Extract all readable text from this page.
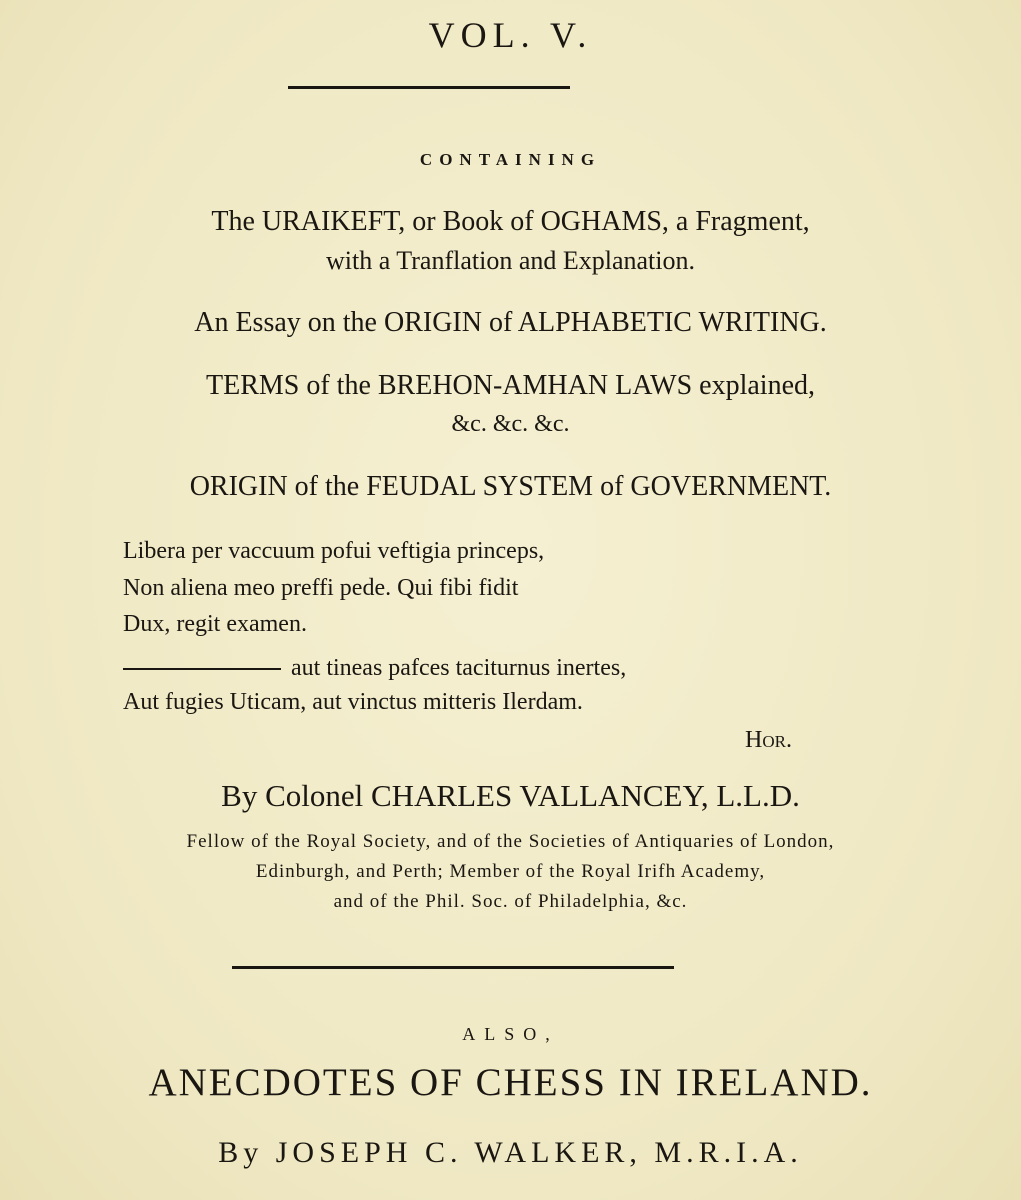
VOL. V.
CONTAINING
The URAIKEFT, or Book of OGHAMS, a Fragment,
with a Tranflation and Explanation.
An Essay on the ORIGIN of ALPHABETIC WRITING.
TERMS of the BREHON-AMHAN LAWS explained,
&c. &c. &c.
ORIGIN of the FEUDAL SYSTEM of GOVERNMENT.
Libera per vaccuum pofui veftigia princeps,
Non aliena meo preffi pede. Qui fibi fidit
Dux, regit examen.
aut tineas pafces taciturnus inertes,
Aut fugies Uticam, aut vinctus mitteris Ilerdam.
Hor.
By Colonel CHARLES VALLANCEY, L.L.D.
Fellow of the Royal Society, and of the Societies of Antiquaries of London,
Edinburgh, and Perth; Member of the Royal Irifh Academy,
and of the Phil. Soc. of Philadelphia, &c.
ALSO,
ANECDOTES OF CHESS IN IRELAND.
By JOSEPH C. WALKER, M.R.I.A.
